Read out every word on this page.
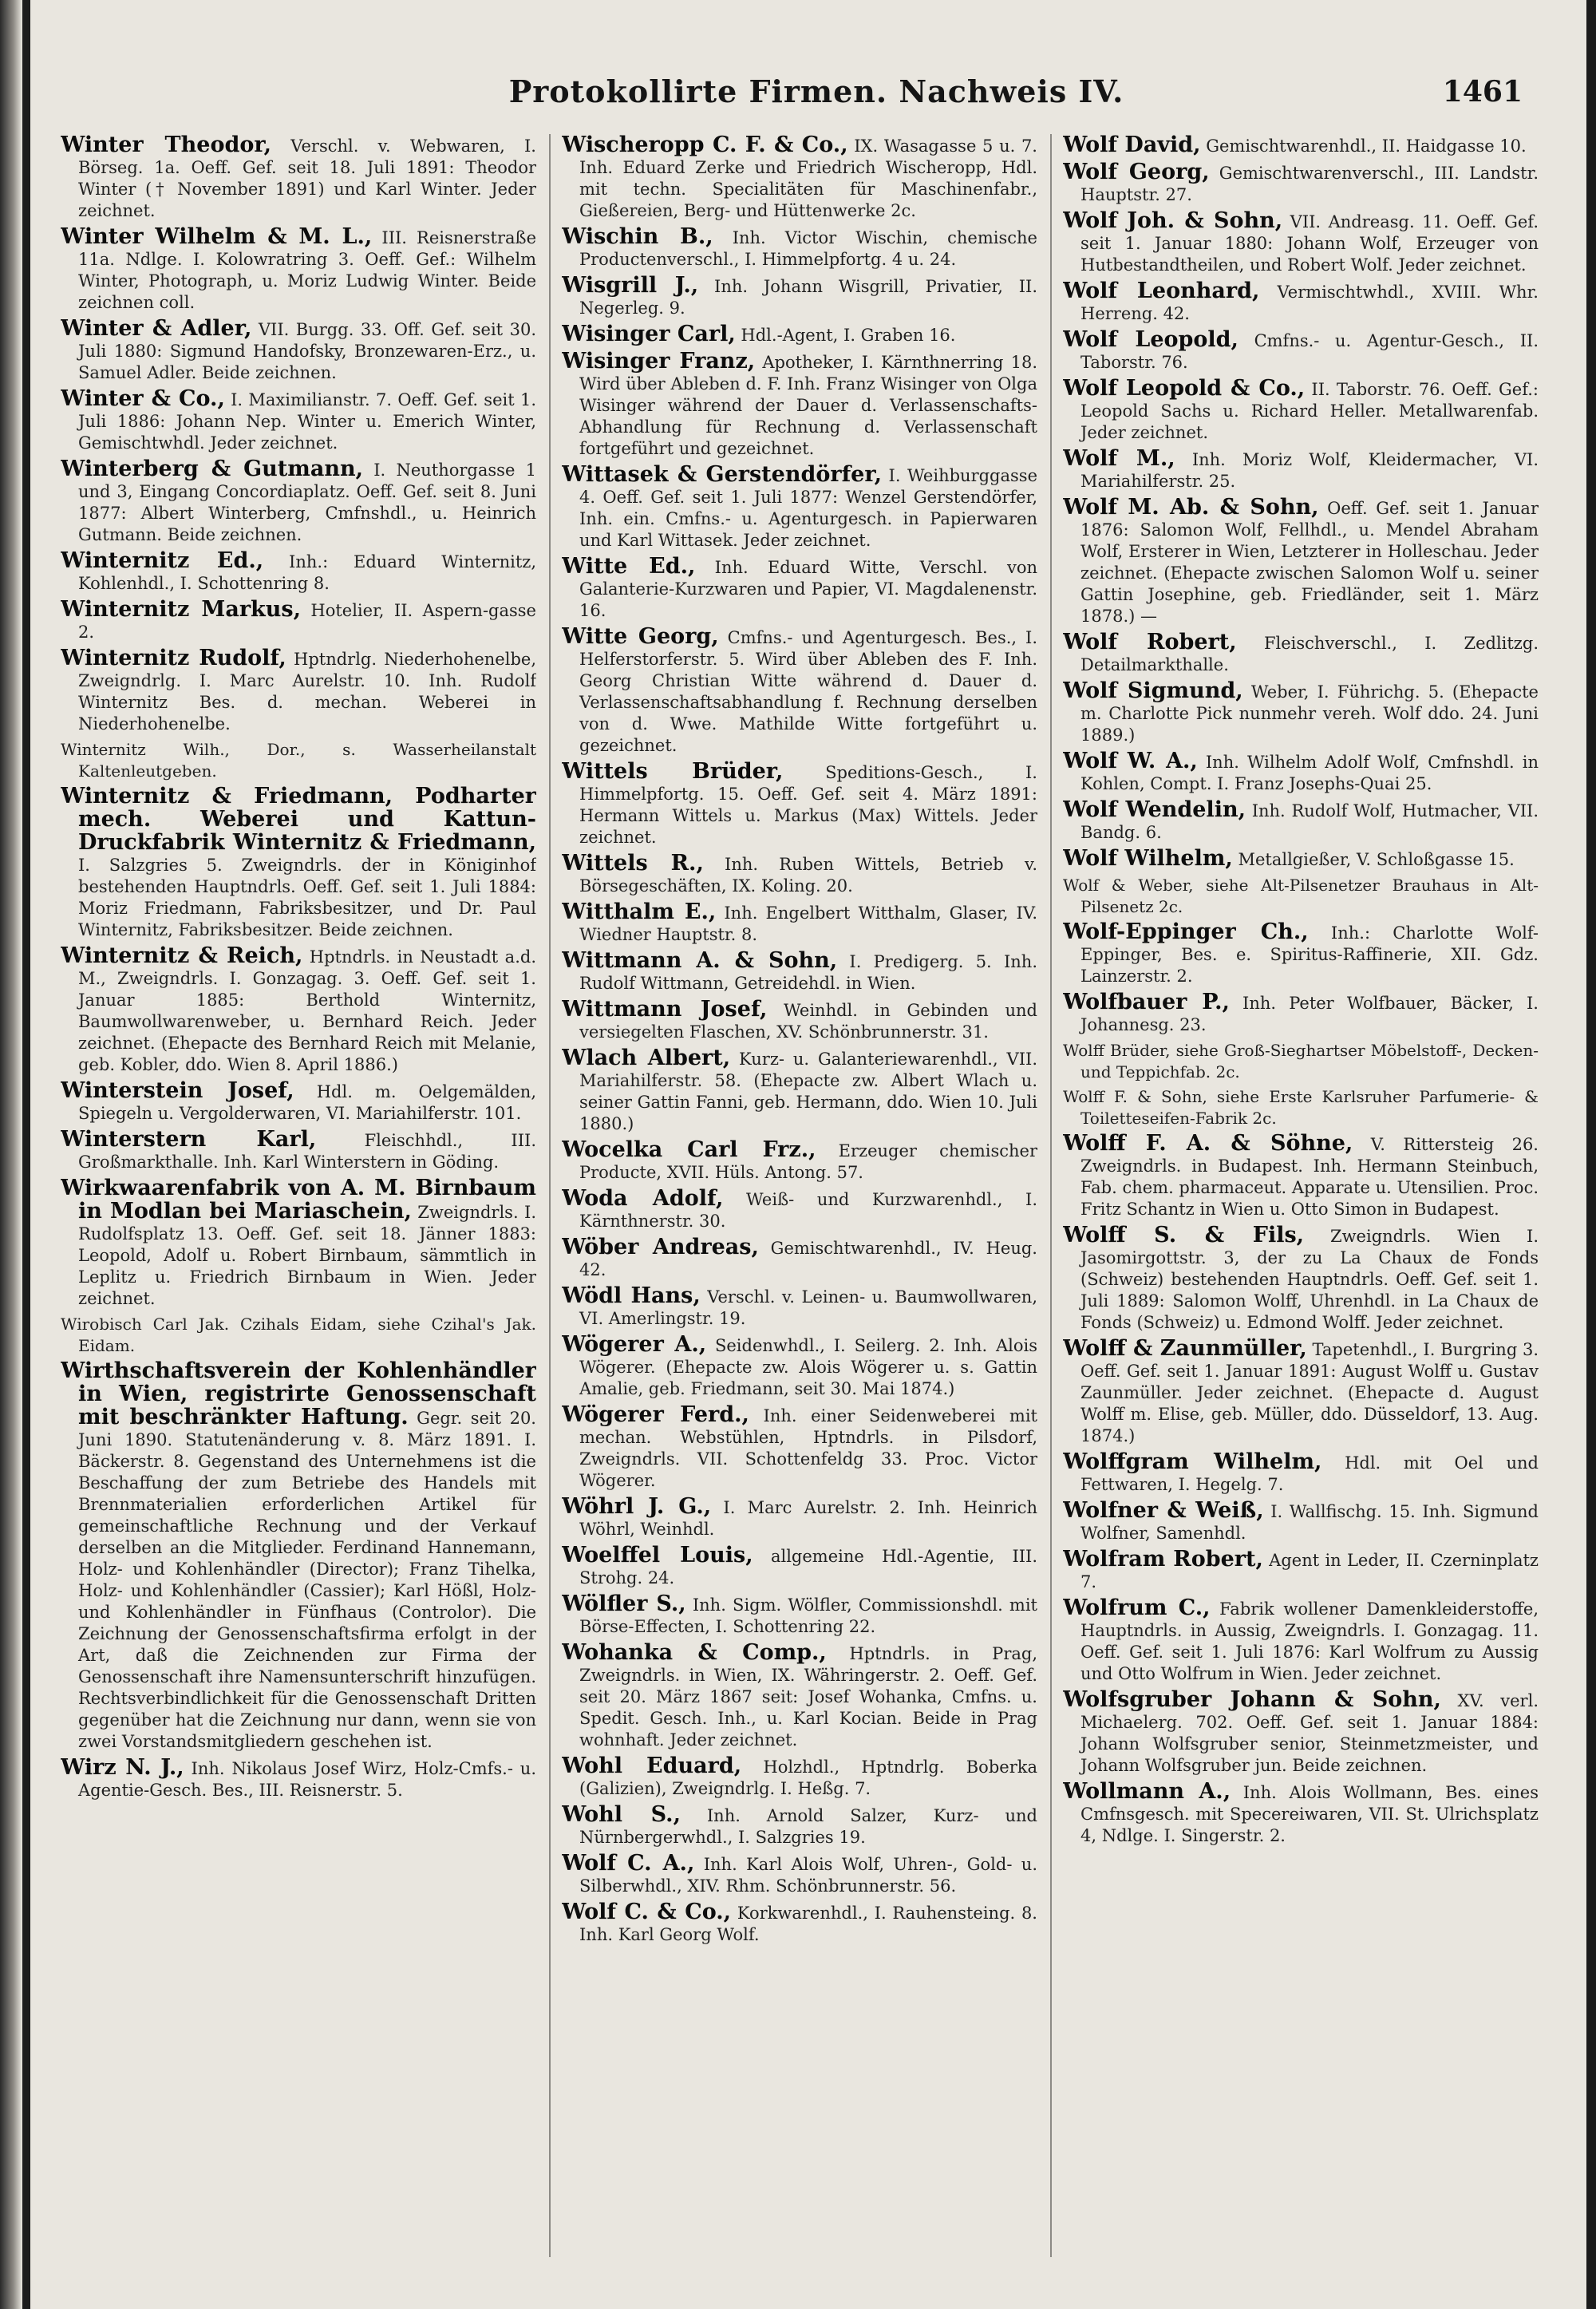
Protokollirte Firmen. Nachweis IV.	1461
Winter Theodor, Verschl. v. Webwaren, I. Börseg. 1a. Oeff. Gef. seit 18. Juli 1891: Theodor Winter († November 1891) und Karl Winter. Jeder zeichnet.
Winter Wilhelm & M. L., III. Reisnerstraße 11a. Ndlge. I. Kolowratring 3. Oeff. Gef.: Wilhelm Winter, Photograph, u. Moriz Ludwig Winter. Beide zeichnen coll.
Winter & Adler, VII. Burgg. 33. Off. Gef. seit 30. Juli 1880: Sigmund Handofsky, Bronzewaren-Erz., u. Samuel Adler. Beide zeichnen.
Winter & Co., I. Maximilianstr. 7. Oeff. Gef. seit 1. Juli 1886: Johann Nep. Winter u. Emerich Winter, Gemischtwhdl. Jeder zeichnet.
Winterberg & Gutmann, I. Neuthorgasse 1 und 3, Eingang Concordiaplatz. Oeff. Gef. seit 8. Juni 1877: Albert Winterberg, Cmfnshdl., u. Heinrich Gutmann. Beide zeichnen.
Winternitz Ed., Inh.: Eduard Winternitz, Kohlenhdl., I. Schottenring 8.
Winternitz Markus, Hotelier, II. Aspern-gasse 2.
Winternitz Rudolf, Hptndrlg. Niederhohenelbe, Zweigndrlg. I. Marc Aurelstr. 10. Inh. Rudolf Winternitz Bes. d. mechan. Weberei in Niederhohenelbe.
Winternitz Wilh., Dor., s. Wasserheilanstalt Kaltenleutgeben.
Winternitz & Friedmann, Podharter mech. Weberei und Kattun-Druckfabrik Winternitz & Friedmann, I. Salzgries 5. Zweigndrls. der in Königinhof bestehenden Hauptndrls. Oeff. Gef. seit 1. Juli 1884: Moriz Friedmann, Fabriksbesitzer, und Dr. Paul Winternitz, Fabriksbesitzer. Beide zeichnen.
Winternitz & Reich, Hptndrls. in Neustadt a.d. M., Zweigndrls. I. Gonzagag. 3. Oeff. Gef. seit 1. Januar 1885: Berthold Winternitz, Baumwollwarenweber, u. Bernhard Reich. Jeder zeichnet. (Ehepacte des Bernhard Reich mit Melanie, geb. Kobler, ddo. Wien 8. April 1886.)
Winterstein Josef, Hdl. m. Oelgemälden, Spiegeln u. Vergolderwaren, VI. Mariahilferstr. 101.
Winterstern Karl, Fleischhdl., III. Großmarkthalle. Inh. Karl Winterstern in Göding.
Wirkwaarenfabrik von A. M. Birnbaum in Modlan bei Mariaschein, Zweigndrls. I. Rudolfsplatz 13. Oeff. Gef. seit 18. Jänner 1883: Leopold, Adolf u. Robert Birnbaum, sämmtlich in Leplitz u. Friedrich Birnbaum in Wien. Jeder zeichnet.
Wirobisch Carl Jak. Czihals Eidam, siehe Czihal's Jak. Eidam.
Wirthschaftsverein der Kohlenhändler in Wien, registrirte Genossenschaft mit beschränkter Haftung. Gegr. seit 20. Juni 1890. Statutenänderung v. 8. März 1891. I. Bäckerstr. 8. Gegenstand des Unternehmens ist die Beschaffung der zum Betriebe des Handels mit Brennmaterialien erforderlichen Artikel für gemeinschaftliche Rechnung und der Verkauf derselben an die Mitglieder. Ferdinand Hannemann, Holz- und Kohlenhändler (Director); Franz Tihelka, Holz- und Kohlenhändler (Cassier); Karl Hößl, Holz- und Kohlenhändler in Fünfhaus (Controlor). Die Zeichnung der Genossenschaftsfirma erfolgt in der Art, daß die Zeichnenden zur Firma der Genossenschaft ihre Namensunterschrift hinzufügen. Rechtsverbindlichkeit für die Genossenschaft Dritten gegenüber hat die Zeichnung nur dann, wenn sie von zwei Vorstandsmitgliedern geschehen ist.
Wirz N. J., Inh. Nikolaus Josef Wirz, Holz-Cmfs.- u. Agentie-Gesch. Bes., III. Reisnerstr. 5.
Wischeropp C. F. & Co., IX. Wasagasse 5 u. 7. Inh. Eduard Zerke und Friedrich Wischeropp, Hdl. mit techn. Specialitäten für Maschinenfabr., Gießereien, Berg- und Hüttenwerke 2c.
Wischin B., Inh. Victor Wischin, chemische Productenverschl., I. Himmelpfortg. 4 u. 24.
Wisgrill J., Inh. Johann Wisgrill, Privatier, II. Negerleg. 9.
Wisinger Carl, Hdl.-Agent, I. Graben 16.
Wisinger Franz, Apotheker, I. Kärnthnerring 18. Wird über Ableben d. F. Inh. Franz Wisinger von Olga Wisinger während der Dauer d. Verlassenschafts-Abhandlung für Rechnung d. Verlassenschaft fortgeführt und gezeichnet.
Wittasek & Gerstendörfer, I. Weihburggasse 4. Oeff. Gef. seit 1. Juli 1877: Wenzel Gerstendörfer, Inh. ein. Cmfns.- u. Agenturgesch. in Papierwaren und Karl Wittasek. Jeder zeichnet.
Witte Ed., Inh. Eduard Witte, Verschl. von Galanterie-Kurzwaren und Papier, VI. Magdalenenstr. 16.
Witte Georg, Cmfns.- und Agenturgesch. Bes., I. Helferstorferstr. 5. Wird über Ableben des F. Inh. Georg Christian Witte während d. Dauer d. Verlassenschaftsabhandlung f. Rechnung derselben von d. Wwe. Mathilde Witte fortgeführt u. gezeichnet.
Wittels Brüder, Speditions-Gesch., I. Himmelpfortg. 15. Oeff. Gef. seit 4. März 1891: Hermann Wittels u. Markus (Max) Wittels. Jeder zeichnet.
Wittels R., Inh. Ruben Wittels, Betrieb v. Börsegeschäften, IX. Koling. 20.
Witthalm E., Inh. Engelbert Witthalm, Glaser, IV. Wiedner Hauptstr. 8.
Wittmann A. & Sohn, I. Predigerg. 5. Inh. Rudolf Wittmann, Getreidehdl. in Wien.
Wittmann Josef, Weinhdl. in Gebinden und versiegelten Flaschen, XV. Schönbrunnerstr. 31.
Wlach Albert, Kurz- u. Galanteriewarenhdl., VII. Mariahilferstr. 58. (Ehepacte zw. Albert Wlach u. seiner Gattin Fanni, geb. Hermann, ddo. Wien 10. Juli 1880.)
Wocelka Carl Frz., Erzeuger chemischer Producte, XVII. Hüls. Antong. 57.
Woda Adolf, Weiß- und Kurzwarenhdl., I. Kärnthnerstr. 30.
Wöber Andreas, Gemischtwarenhdl., IV. Heug. 42.
Wödl Hans, Verschl. v. Leinen- u. Baumwollwaren, VI. Amerlingstr. 19.
Wögerer A., Seidenwhdl., I. Seilerg. 2. Inh. Alois Wögerer. (Ehepacte zw. Alois Wögerer u. s. Gattin Amalie, geb. Friedmann, seit 30. Mai 1874.)
Wögerer Ferd., Inh. einer Seidenweberei mit mechan. Webstühlen, Hptndrls. in Pilsdorf, Zweigndrls. VII. Schottenfeldg 33. Proc. Victor Wögerer.
Wöhrl J. G., I. Marc Aurelstr. 2. Inh. Heinrich Wöhrl, Weinhdl.
Woelffel Louis, allgemeine Hdl.-Agentie, III. Strohg. 24.
Wölfler S., Inh. Sigm. Wölfler, Commissionshdl. mit Börse-Effecten, I. Schottenring 22.
Wohanka & Comp., Hptndrls. in Prag, Zweigndrls. in Wien, IX. Währingerstr. 2. Oeff. Gef. seit 20. März 1867 seit: Josef Wohanka, Cmfns. u. Spedit. Gesch. Inh., u. Karl Kocian. Beide in Prag wohnhaft. Jeder zeichnet.
Wohl Eduard, Holzhdl., Hptndrlg. Boberka (Galizien), Zweigndrlg. I. Heßg. 7.
Wohl S., Inh. Arnold Salzer, Kurz- und Nürnbergerwhdl., I. Salzgries 19.
Wolf C. A., Inh. Karl Alois Wolf, Uhren-, Gold- u. Silberwhdl., XIV. Rhm. Schönbrunnerstr. 56.
Wolf C. & Co., Korkwarenhdl., I. Rauhensteing. 8. Inh. Karl Georg Wolf.
Wolf David, Gemischtwarenhdl., II. Haidgasse 10.
Wolf Georg, Gemischtwarenverschl., III. Landstr. Hauptstr. 27.
Wolf Joh. & Sohn, VII. Andreasg. 11. Oeff. Gef. seit 1. Januar 1880: Johann Wolf, Erzeuger von Hutbestandtheilen, und Robert Wolf. Jeder zeichnet.
Wolf Leonhard, Vermischtwhdl., XVIII. Whr. Herreng. 42.
Wolf Leopold, Cmfns.- u. Agentur-Gesch., II. Taborstr. 76.
Wolf Leopold & Co., II. Taborstr. 76. Oeff. Gef.: Leopold Sachs u. Richard Heller. Metallwarenfab. Jeder zeichnet.
Wolf M., Inh. Moriz Wolf, Kleidermacher, VI. Mariahilferstr. 25.
Wolf M. Ab. & Sohn, Oeff. Gef. seit 1. Januar 1876: Salomon Wolf, Fellhdl., u. Mendel Abraham Wolf, Ersterer in Wien, Letzterer in Holleschau. Jeder zeichnet. (Ehepacte zwischen Salomon Wolf u. seiner Gattin Josephine, geb. Friedländer, seit 1. März 1878.) —
Wolf Robert, Fleischverschl., I. Zedlitzg. Detailmarkthalle.
Wolf Sigmund, Weber, I. Führichg. 5. (Ehepacte m. Charlotte Pick nunmehr vereh. Wolf ddo. 24. Juni 1889.)
Wolf W. A., Inh. Wilhelm Adolf Wolf, Cmfnshdl. in Kohlen, Compt. I. Franz Josephs-Quai 25.
Wolf Wendelin, Inh. Rudolf Wolf, Hutmacher, VII. Bandg. 6.
Wolf Wilhelm, Metallgießer, V. Schloßgasse 15.
Wolf & Weber, siehe Alt-Pilsenetzer Brauhaus in Alt-Pilsenetz 2c.
Wolf-Eppinger Ch., Inh.: Charlotte Wolf-Eppinger, Bes. e. Spiritus-Raffinerie, XII. Gdz. Lainzerstr. 2.
Wolfbauer P., Inh. Peter Wolfbauer, Bäcker, I. Johannesg. 23.
Wolff Brüder, siehe Groß-Sieghartser Möbelstoff-, Decken- und Teppichfab. 2c.
Wolff F. & Sohn, siehe Erste Karlsruher Parfumerie- & Toiletteseifen-Fabrik 2c.
Wolff F. A. & Söhne, V. Rittersteig 26. Zweigndrls. in Budapest. Inh. Hermann Steinbuch, Fab. chem. pharmaceut. Apparate u. Utensilien. Proc. Fritz Schantz in Wien u. Otto Simon in Budapest.
Wolff S. & Fils, Zweigndrls. Wien I. Jasomirgottstr. 3, der zu La Chaux de Fonds (Schweiz) bestehenden Hauptndrls. Oeff. Gef. seit 1. Juli 1889: Salomon Wolff, Uhrenhdl. in La Chaux de Fonds (Schweiz) u. Edmond Wolff. Jeder zeichnet.
Wolff & Zaunmüller, Tapetenhdl., I. Burgring 3. Oeff. Gef. seit 1. Januar 1891: August Wolff u. Gustav Zaunmüller. Jeder zeichnet. (Ehepacte d. August Wolff m. Elise, geb. Müller, ddo. Düsseldorf, 13. Aug. 1874.)
Wolffgram Wilhelm, Hdl. mit Oel und Fettwaren, I. Hegelg. 7.
Wolfner & Weiß, I. Wallfischg. 15. Inh. Sigmund Wolfner, Samenhdl.
Wolfram Robert, Agent in Leder, II. Czerninplatz 7.
Wolfrum C., Fabrik wollener Damenkleiderstoffe, Hauptndrls. in Aussig, Zweigndrls. I. Gonzagag. 11. Oeff. Gef. seit 1. Juli 1876: Karl Wolfrum zu Aussig und Otto Wolfrum in Wien. Jeder zeichnet.
Wolfsgruber Johann & Sohn, XV. verl. Michaelerg. 702. Oeff. Gef. seit 1. Januar 1884: Johann Wolfsgruber senior, Steinmetzmeister, und Johann Wolfsgruber jun. Beide zeichnen.
Wollmann A., Inh. Alois Wollmann, Bes. eines Cmfnsgesch. mit Specereiwaren, VII. St. Ulrichsplatz 4, Ndlge. I. Singerstr. 2.
